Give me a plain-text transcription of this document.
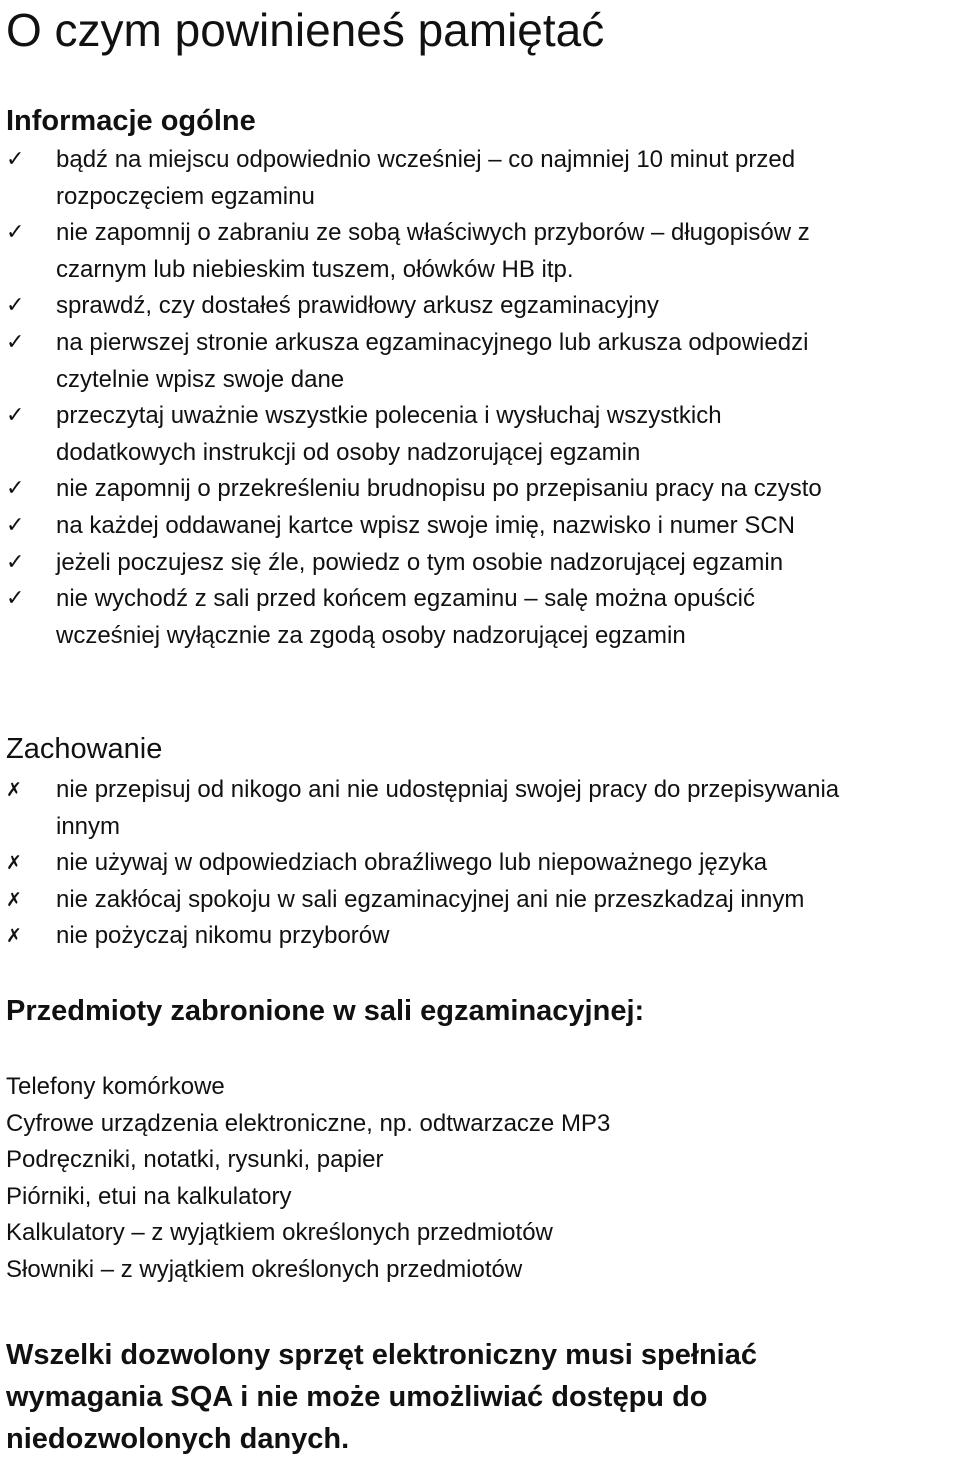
O czym powinieneś pamiętać
Informacje ogólne
✓	bądź na miejscu odpowiednio wcześniej – co najmniej 10 minut przed
rozpoczęciem egzaminu
✓	nie zapomnij o zabraniu ze sobą właściwych przyborów – długopisów z
czarnym lub niebieskim tuszem, ołówków HB itp.
✓	sprawdź, czy dostałeś prawidłowy arkusz egzaminacyjny
✓	na pierwszej stronie arkusza egzaminacyjnego lub arkusza odpowiedzi
czytelnie wpisz swoje dane
✓	przeczytaj uważnie wszystkie polecenia i wysłuchaj wszystkich
dodatkowych instrukcji od osoby nadzorującej egzamin
✓	nie zapomnij o przekreśleniu brudnopisu po przepisaniu pracy na czysto
✓	na każdej oddawanej kartce wpisz swoje imię, nazwisko i numer SCN
✓	jeżeli poczujesz się źle, powiedz o tym osobie nadzorującej egzamin
✓	nie wychodź z sali przed końcem egzaminu – salę można opuścić
wcześniej wyłącznie za zgodą osoby nadzorującej egzamin
Zachowanie
✗	nie przepisuj od nikogo ani nie udostępniaj swojej pracy do przepisywania
innym
✗	nie używaj w odpowiedziach obraźliwego lub niepoważnego języka
✗	nie zakłócaj spokoju w sali egzaminacyjnej ani nie przeszkadzaj innym
✗	nie pożyczaj nikomu przyborów
Przedmioty zabronione w sali egzaminacyjnej:
Telefony komórkowe
Cyfrowe urządzenia elektroniczne, np. odtwarzacze MP3
Podręczniki, notatki, rysunki, papier
Piórniki, etui na kalkulatory
Kalkulatory – z wyjątkiem określonych przedmiotów
Słowniki – z wyjątkiem określonych przedmiotów

Wszelki dozwolony sprzęt elektroniczny musi spełniać wymagania SQA i nie może umożliwiać dostępu do niedozwolonych danych.
